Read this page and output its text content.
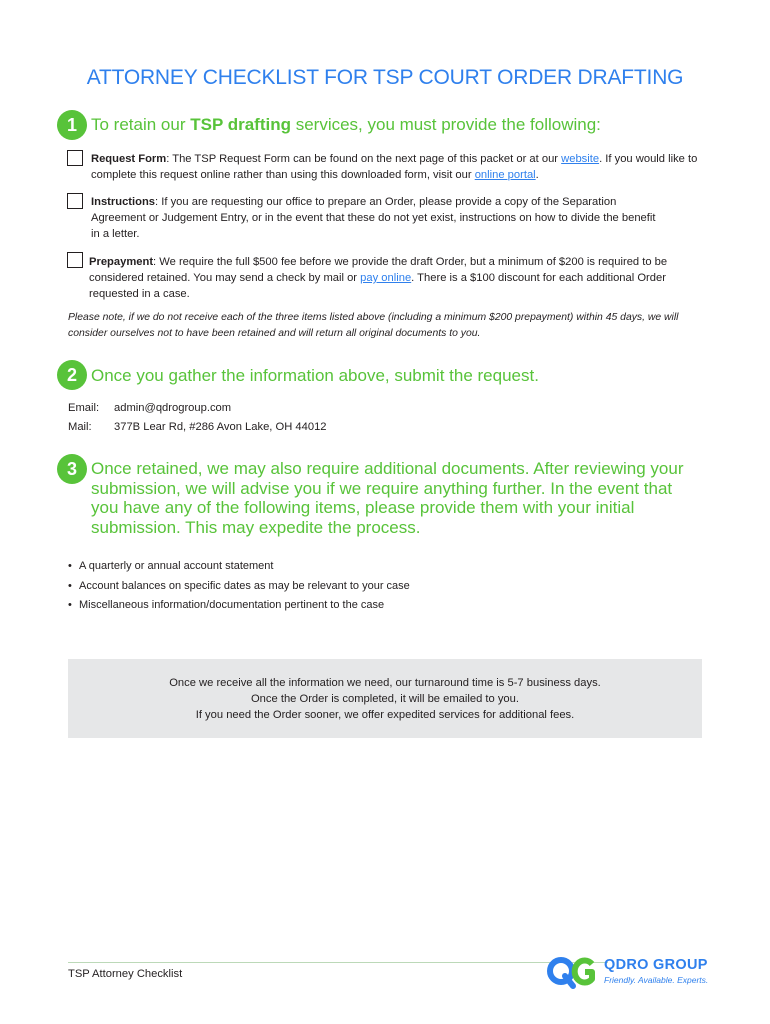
ATTORNEY CHECKLIST FOR TSP COURT ORDER DRAFTING
1 To retain our TSP drafting services, you must provide the following:
Request Form: The TSP Request Form can be found on the next page of this packet or at our website. If you would like to complete this request online rather than using this downloaded form, visit our online portal.
Instructions: If you are requesting our office to prepare an Order, please provide a copy of the Separation Agreement or Judgement Entry, or in the event that these do not yet exist, instructions on how to divide the benefit in a letter.
Prepayment: We require the full $500 fee before we provide the draft Order, but a minimum of $200 is required to be considered retained. You may send a check by mail or pay online. There is a $100 discount for each additional Order requested in a case.
Please note, if we do not receive each of the three items listed above (including a minimum $200 prepayment) within 45 days, we will consider ourselves not to have been retained and will return all original documents to you.
2 Once you gather the information above, submit the request.
Email: admin@qdrogroup.com
Mail: 377B Lear Rd, #286 Avon Lake, OH 44012
3 Once retained, we may also require additional documents. After reviewing your submission, we will advise you if we require anything further. In the event that you have any of the following items, please provide them with your initial submission. This may expedite the process.
• A quarterly or annual account statement
• Account balances on specific dates as may be relevant to your case
• Miscellaneous information/documentation pertinent to the case
Once we receive all the information we need, our turnaround time is 5-7 business days.
Once the Order is completed, it will be emailed to you.
If you need the Order sooner, we offer expedited services for additional fees.
TSP Attorney Checklist
QDRO GROUP
Friendly. Available. Experts.
